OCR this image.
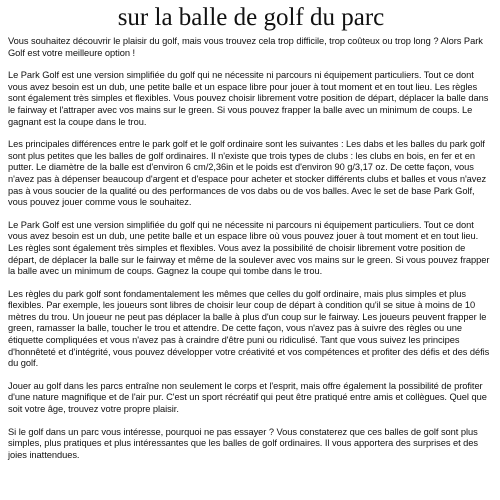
sur la balle de golf du parc

Vous souhaitez découvrir le plaisir du golf, mais vous trouvez cela trop difficile, trop coûteux ou trop long ? Alors Park Golf est votre meilleure option !

Le Park Golf est une version simplifiée du golf qui ne nécessite ni parcours ni équipement particuliers. Tout ce dont vous avez besoin est un dub, une petite balle et un espace libre pour jouer à tout moment et en tout lieu. Les règles sont également très simples et flexibles. Vous pouvez choisir librement votre position de départ, déplacer la balle dans le fairway et l'attraper avec vos mains sur le green. Si vous pouvez frapper la balle avec un minimum de coups. Le gagnant est la coupe dans le trou.

Les principales différences entre le park golf et le golf ordinaire sont les suivantes : Les dabs et les balles du park golf sont plus petites que les balles de golf ordinaires. Il n'existe que trois types de clubs : les clubs en bois, en fer et en putter. Le diamètre de la balle est d'environ 6 cm/2,36in et le poids est d'environ 90 g/3,17 oz. De cette façon, vous n'avez pas à dépenser beaucoup d'argent et d'espace pour acheter et stocker différents clubs et balles et vous n'avez pas à vous soucier de la qualité ou des performances de vos dabs ou de vos balles. Avec le set de base Park Golf, vous pouvez jouer comme vous le souhaitez.

Le Park Golf est une version simplifiée du golf qui ne nécessite ni parcours ni équipement particuliers. Tout ce dont vous avez besoin est un dub, une petite balle et un espace libre où vous pouvez jouer à tout moment et en tout lieu. Les règles sont également très simples et flexibles. Vous avez la possibilité de choisir librement votre position de départ, de déplacer la balle sur le fairway et même de la soulever avec vos mains sur le green. Si vous pouvez frapper la balle avec un minimum de coups. Gagnez la coupe qui tombe dans le trou.

Les règles du park golf sont fondamentalement les mêmes que celles du golf ordinaire, mais plus simples et plus flexibles. Par exemple, les joueurs sont libres de choisir leur coup de départ à condition qu'il se situe à moins de 10 mètres du trou. Un joueur ne peut pas déplacer la balle à plus d'un coup sur le fairway. Les joueurs peuvent frapper le green, ramasser la balle, toucher le trou et attendre. De cette façon, vous n'avez pas à suivre des règles ou une étiquette compliquées et vous n'avez pas à craindre d'être puni ou ridiculisé. Tant que vous suivez les principes d'honnêteté et d'intégrité, vous pouvez développer votre créativité et vos compétences et profiter des défis et des défis du golf.

Jouer au golf dans les parcs entraîne non seulement le corps et l'esprit, mais offre également la possibilité de profiter d'une nature magnifique et de l'air pur. C'est un sport récréatif qui peut être pratiqué entre amis et collègues. Quel que soit votre âge, trouvez votre propre plaisir.

Si le golf dans un parc vous intéresse, pourquoi ne pas essayer ? Vous constaterez que ces balles de golf sont plus simples, plus pratiques et plus intéressantes que les balles de golf ordinaires. Il vous apportera des surprises et des joies inattendues.
